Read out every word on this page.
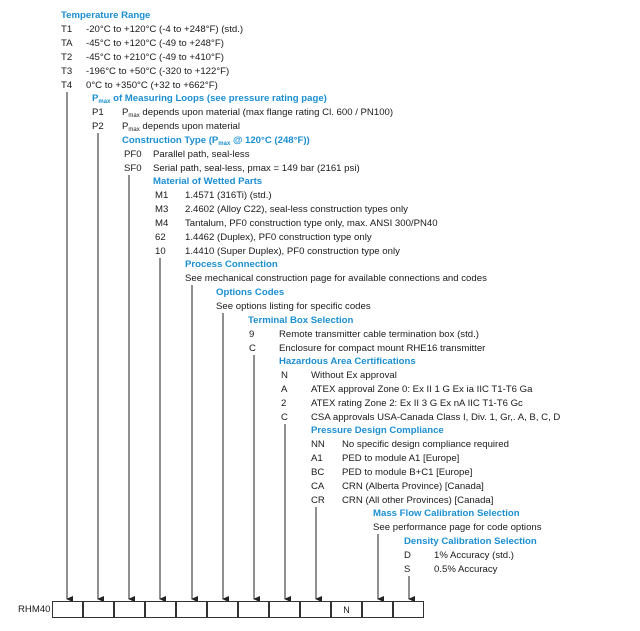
Temperature Range
T1 -20°C to +120°C (-4 to +248°F) (std.)
TA -45°C to +120°C (-49 to +248°F)
T2 -45°C to +210°C (-49 to +410°F)
T3 -196°C to +50°C (-320 to +122°F)
T4 0°C to +350°C (+32 to +662°F)
$P_{max}$ of Measuring Loops (see pressure rating page)
P1 $P_{max}$ depends upon material (max flange rating Cl. 600 / PN100)
P2 $P_{max}$ depends upon material
Construction Type ($P_{max}$ @ 120°C (248°F))
PF0 Parallel path, seal-less
SF0 Serial path, seal-less, pmax = 149 bar (2161 psi)
Material of Wetted Parts
M1 1.4571 (316Ti) (std.)
M3 2.4602 (Alloy C22), seal-less construction types only
M4 Tantalum, PF0 construction type only, max. ANSI 300/PN40
62 1.4462 (Duplex), PF0 construction type only
10 1.4410 (Super Duplex), PF0 construction type only
Process Connection
See mechanical construction page for available connections and codes
Options Codes
See options listing for specific codes
Terminal Box Selection
9	Remote transmitter cable termination box (std.)
C Enclosure for compact mount RHE16 transmitter
Hazardous Area Certifications
N Without Ex approval
A ATEX approval Zone 0: Ex II 1 G Ex ia IIC T1-T6 Ga
2	ATEX rating Zone 2: Ex II 3 G Ex nA IIC T1-T6 Gc
C CSA approvals USA-Canada Class I, Div. 1, Gr,. A, B, C, D
Pressure Design Compliance
NN No specific design compliance required
A1 PED to module A1 [Europe]
BC PED to module B+C1 [Europe]
CA CRN (Alberta Province) [Canada]
CR CRN (All other Provinces) [Canada]
Mass Flow Calibration Selection
See performance page for code options
Density Calibration Selection
D 1% Accuracy (std.)
S 0.5% Accuracy
RHM40	N
